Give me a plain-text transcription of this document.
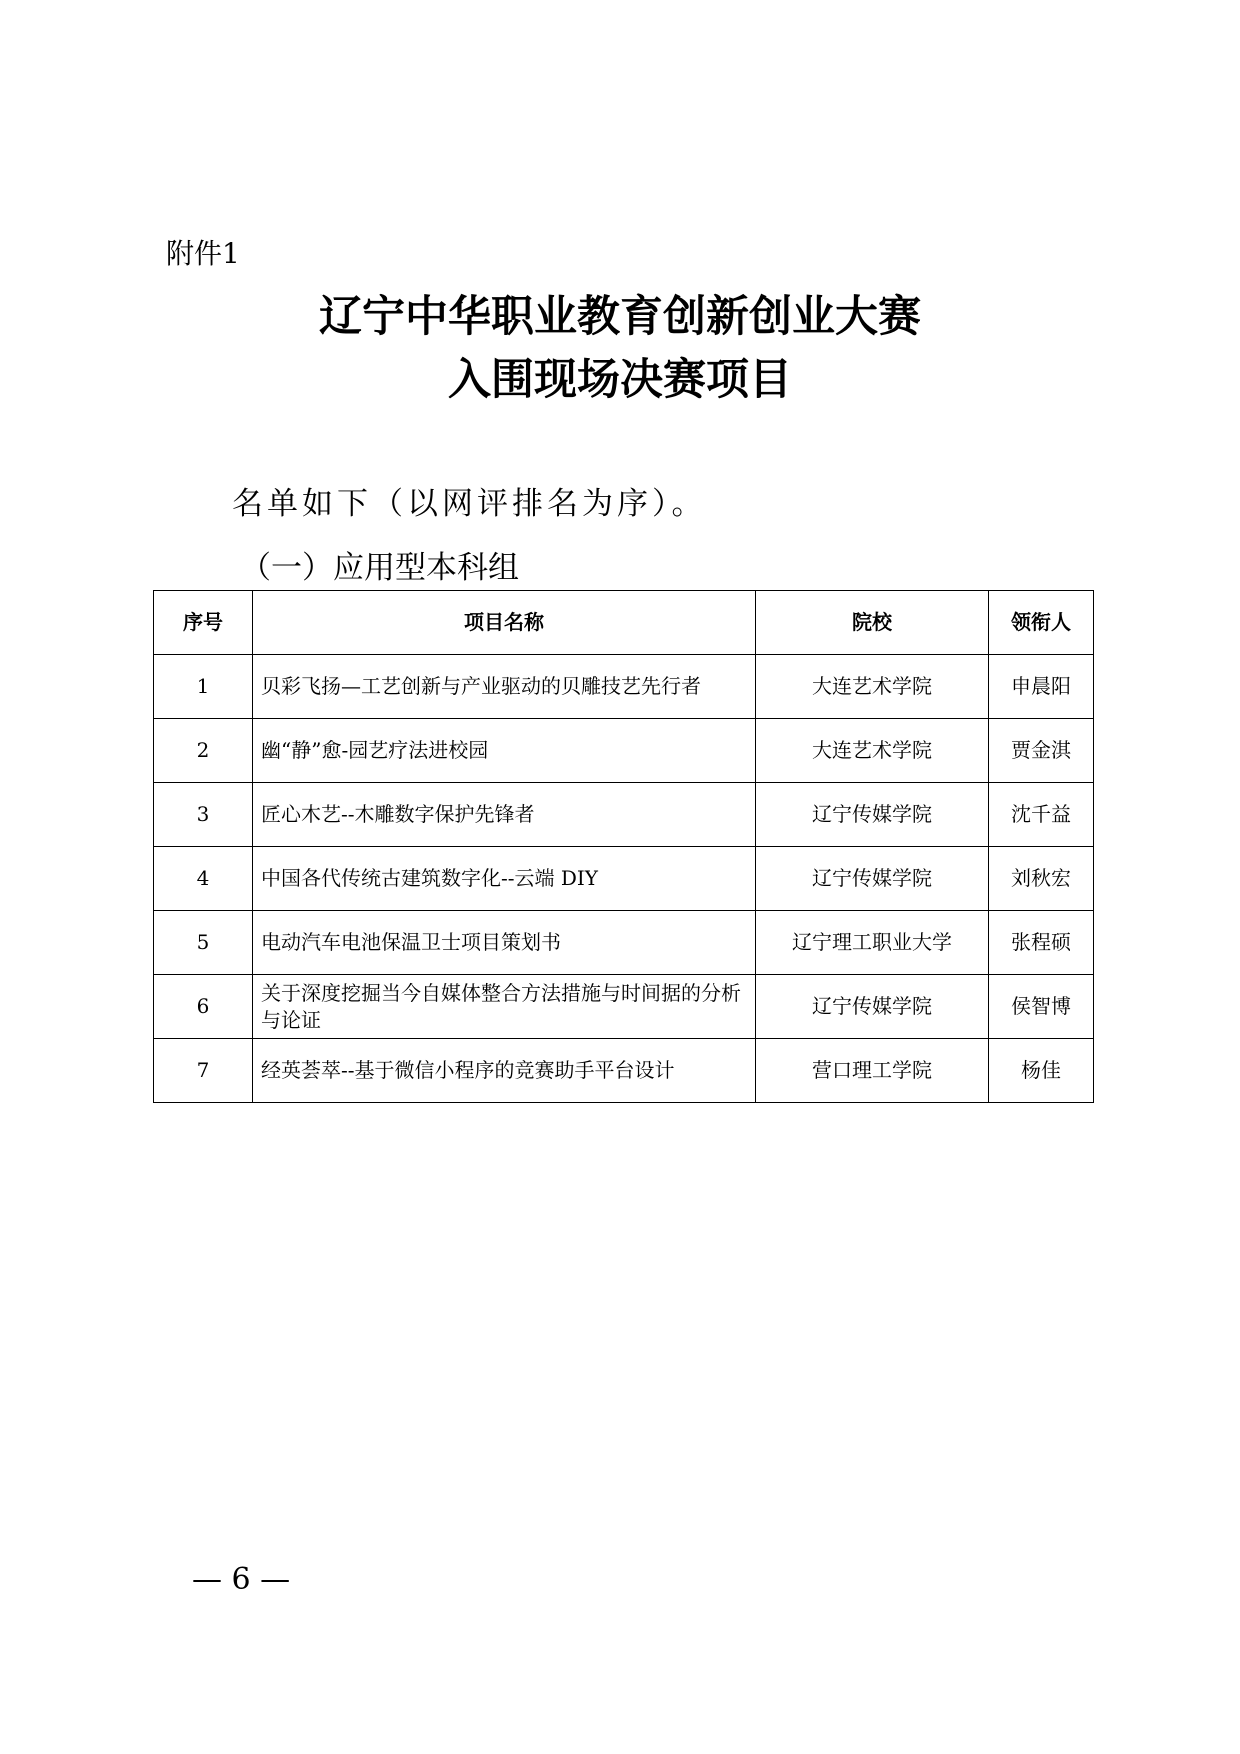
附件1
辽宁中华职业教育创新创业大赛
入围现场决赛项目
名单如下（以网评排名为序）。
（一）应用型本科组
序号	项目名称	院校	领衔人
1	贝彩飞扬—工艺创新与产业驱动的贝雕技艺先行者	大连艺术学院	申晨阳
2	幽“静”愈-园艺疗法进校园	大连艺术学院	贾金淇
3	匠心木艺--木雕数字保护先锋者	辽宁传媒学院	沈千益
4	中国各代传统古建筑数字化--云端 DIY	辽宁传媒学院	刘秋宏
5	电动汽车电池保温卫士项目策划书	辽宁理工职业大学	张程硕
6	关于深度挖掘当今自媒体整合方法措施与时间据的分析与论证	辽宁传媒学院	侯智博
7	经英荟萃--基于微信小程序的竞赛助手平台设计	营口理工学院	杨佳
— 6 —
